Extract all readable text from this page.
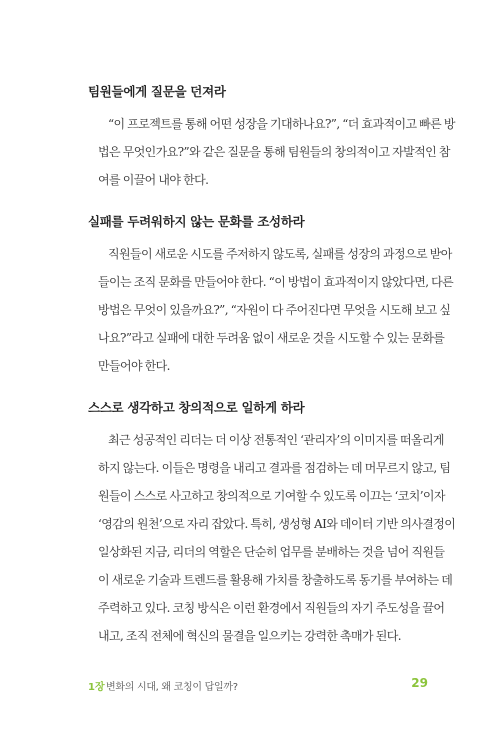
팀원들에게 질문을 던져라
“이 프로젝트를 통해 어떤 성장을 기대하나요?”, “더 효과적이고 빠른 방
법은 무엇인가요?”와 같은 질문을 통해 팀원들의 창의적이고 자발적인 참
여를 이끌어 내야 한다.
실패를 두려워하지 않는 문화를 조성하라
직원들이 새로운 시도를 주저하지 않도록, 실패를 성장의 과정으로 받아
들이는 조직 문화를 만들어야 한다. “이 방법이 효과적이지 않았다면, 다른
방법은 무엇이 있을까요?”, “자원이 다 주어진다면 무엇을 시도해 보고 싶
나요?”라고 실패에 대한 두려움 없이 새로운 것을 시도할 수 있는 문화를
만들어야 한다.
스스로 생각하고 창의적으로 일하게 하라
최근 성공적인 리더는 더 이상 전통적인 ‘관리자’의 이미지를 떠올리게
하지 않는다. 이들은 명령을 내리고 결과를 점검하는 데 머무르지 않고, 팀
원들이 스스로 사고하고 창의적으로 기여할 수 있도록 이끄는 ‘코치’이자
‘영감의 원천’으로 자리 잡았다. 특히, 생성형 AI와 데이터 기반 의사결정이
일상화된 지금, 리더의 역할은 단순히 업무를 분배하는 것을 넘어 직원들
이 새로운 기술과 트렌드를 활용해 가치를 창출하도록 동기를 부여하는 데
주력하고 있다. 코칭 방식은 이런 환경에서 직원들의 자기 주도성을 끌어
내고, 조직 전체에 혁신의 물결을 일으키는 강력한 촉매가 된다.
1장 변화의 시대, 왜 코칭이 답일까?	29
